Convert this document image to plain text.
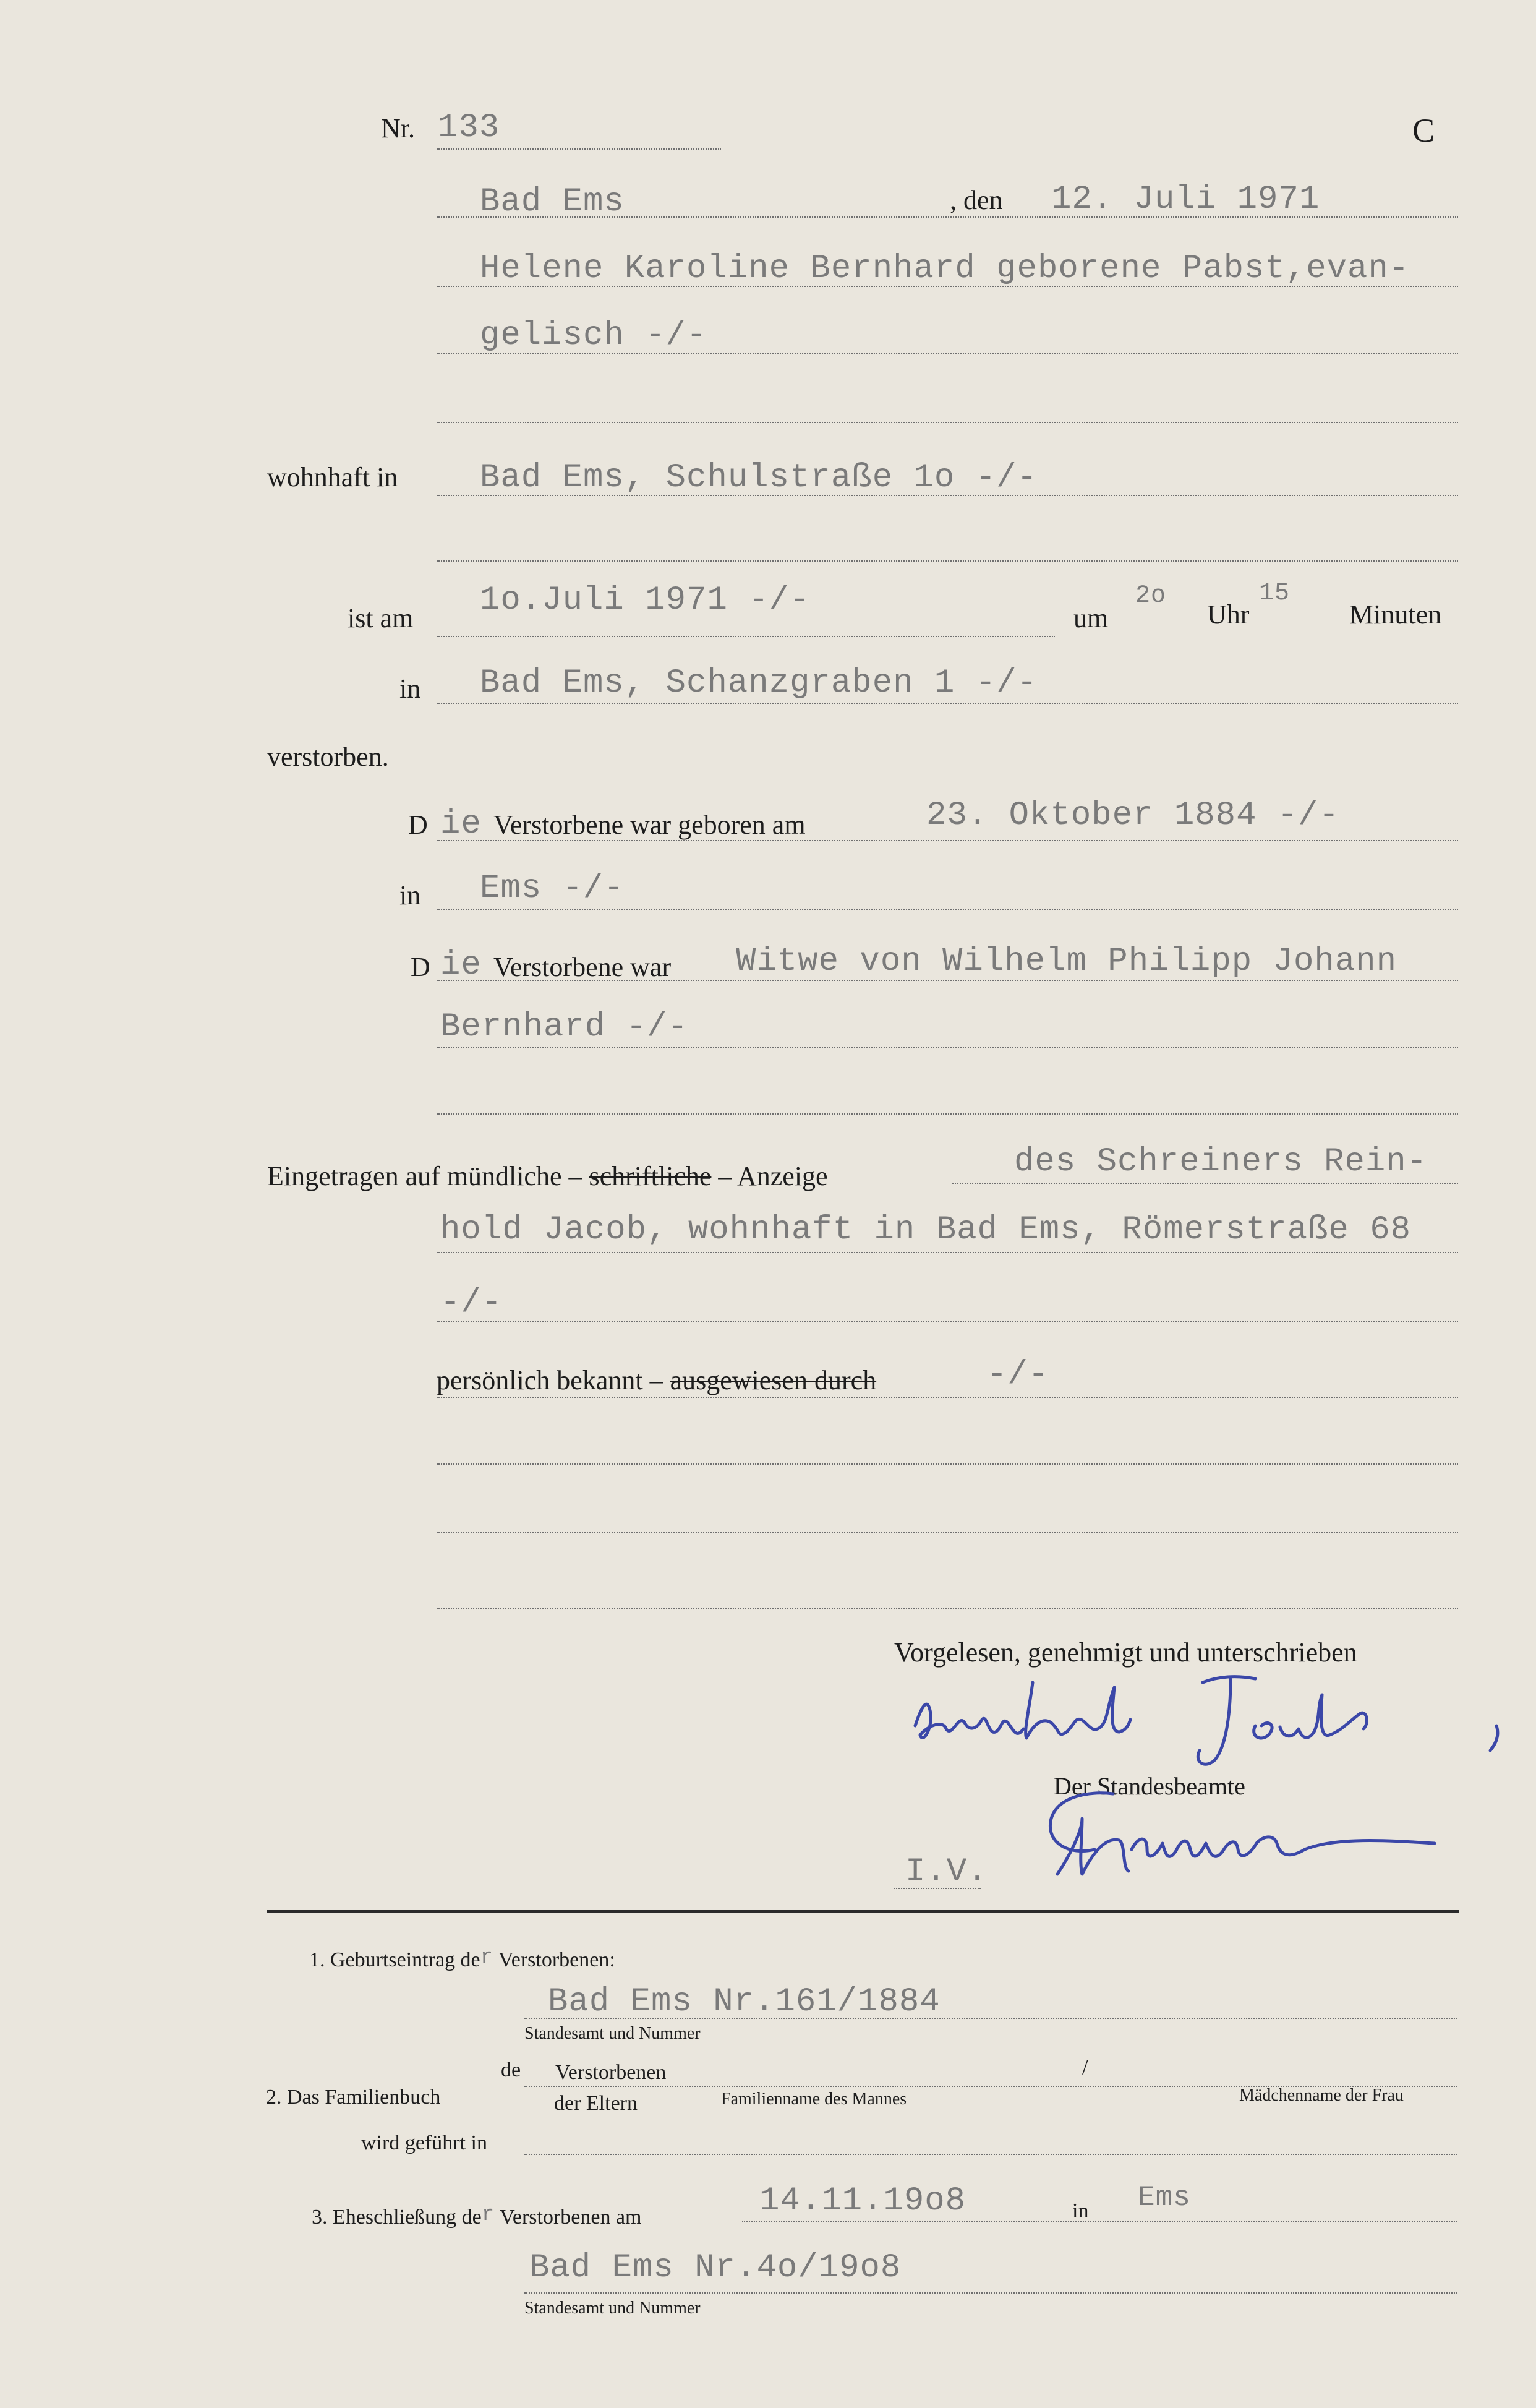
Nr. 133	C
Bad Ems	, den 12. Juli 1971
Helene Karoline Bernhard geborene Pabst,evan-
gelisch -/-
wohnhaft in Bad Ems, Schulstraße 1o -/-
ist am 1o.Juli 1971 -/-	um
2o
Uhr
15
Minuten
in Bad Ems, Schanzgraben 1 -/-
verstorben.
D ie Verstorbene war geboren am	23. Oktober 1884 -/-
in Ems -/-
D ie Verstorbene war Witwe von Wilhelm Philipp Johann
Bernhard -/-
Eingetragen auf mündliche – schriftliche – Anzeige	des Schreiners Rein-
hold Jacob, wohnhaft in Bad Ems, Römerstraße 68
-/-
persönlich bekannt – ausgewiesen durch	-/-
Vorgelesen, genehmigt und unterschrieben
Der Standesbeamte
I.V.
1. Geburtseintrag der Verstorbenen:
Bad Ems Nr.161/1884
Standesamt und Nummer
de Verstorbenen	/
2. Das Familienbuch	der Eltern	Familienname des Mannes	Mädchenname der Frau
wird geführt in
3. Eheschließung der Verstorbenen am	14.11.19o8	in Ems
Bad Ems Nr.4o/19o8
Standesamt und Nummer
